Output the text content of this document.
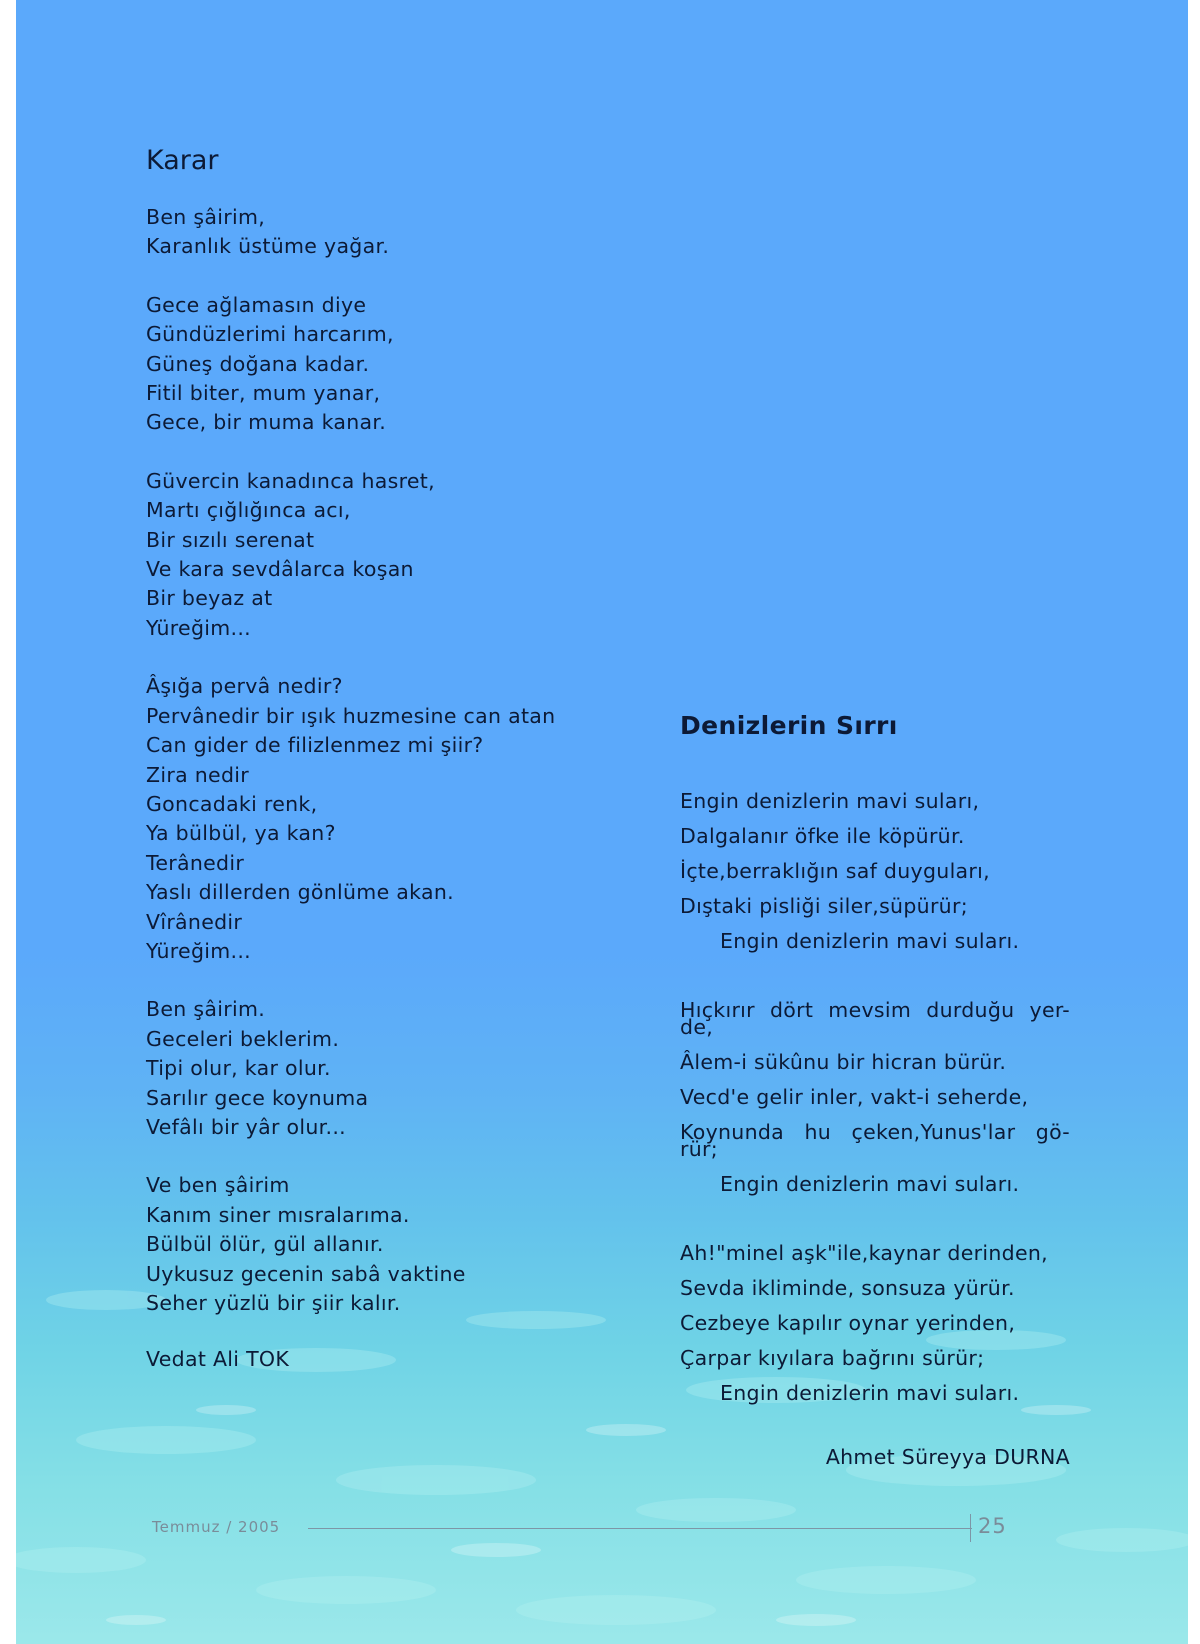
Karar
Ben şâirim,
Karanlık üstüme yağar.
Gece ağlamasın diye
Gündüzlerimi harcarım,
Güneş doğana kadar.
Fitil biter, mum yanar,
Gece, bir muma kanar.
Güvercin kanadınca hasret,
Martı çığlığınca acı,
Bir sızılı serenat
Ve kara sevdâlarca koşan
Bir beyaz at
Yüreğim...
Âşığa pervâ nedir?
Pervânedir bir ışık huzmesine can atan
Can gider de filizlenmez mi şiir?
Zira nedir
Goncadaki renk,
Ya bülbül, ya kan?
Terânedir
Yaslı dillerden gönlüme akan.
Vîrânedir
Yüreğim...
Ben şâirim.
Geceleri beklerim.
Tipi olur, kar olur.
Sarılır gece koynuma
Vefâlı bir yâr olur...
Ve ben şâirim
Kanım siner mısralarıma.
Bülbül ölür, gül allanır.
Uykusuz gecenin sabâ vaktine
Seher yüzlü bir şiir kalır.
Vedat Ali TOK
Denizlerin Sırrı
Engin denizlerin mavi suları,
Dalgalanır öfke ile köpürür.
İçte,berraklığın saf duyguları,
Dıştaki pisliği siler,süpürür;
Engin denizlerin mavi suları.
Hıçkırır dört mevsim durduğu yer-de,
Âlem-i sükûnu bir hicran bürür.
Vecd'e gelir inler, vakt-i seherde,
Koynunda hu çeken,Yunus'lar gö-rür;
Engin denizlerin mavi suları.
Ah!"minel aşk"ile,kaynar derinden,
Sevda ikliminde, sonsuza yürür.
Cezbeye kapılır oynar yerinden,
Çarpar kıyılara bağrını sürür;
Engin denizlerin mavi suları.
Ahmet Süreyya DURNA
Temmuz / 2005	25
